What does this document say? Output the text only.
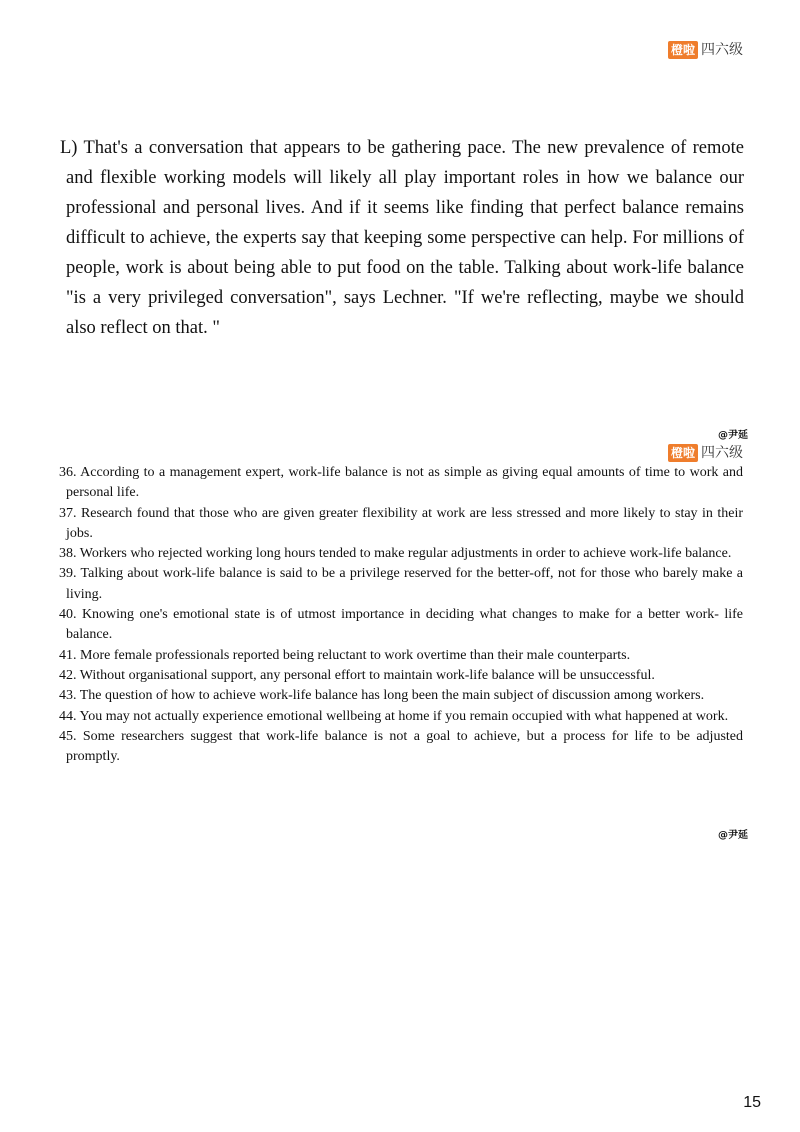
橙啦 四六级

L) That's a conversation that appears to be gathering pace. The new prevalence of remote and flexible working models will likely all play important roles in how we balance our professional and personal lives. And if it seems like finding that perfect balance remains difficult to achieve, the experts say that keeping some perspective can help. For millions of people, work is about being able to put food on the table. Talking about work-life balance "is a very privileged conversation", says Lechner. "If we're reflecting, maybe we should also reflect on that. "

@尹延
橙啦 四六级

36. According to a management expert, work-life balance is not as simple as giving equal amounts of time to work and personal life.

37. Research found that those who are given greater flexibility at work are less stressed and more likely to stay in their jobs.

38. Workers who rejected working long hours tended to make regular adjustments in order to achieve work-life balance.

39. Talking about work-life balance is said to be a privilege reserved for the better-off, not for those who barely make a living.

40. Knowing one's emotional state is of utmost importance in deciding what changes to make for a better work- life balance.

41. More female professionals reported being reluctant to work overtime than their male counterparts.

42. Without organisational support, any personal effort to maintain work-life balance will be unsuccessful.

43. The question of how to achieve work-life balance has long been the main subject of discussion among workers.

44. You may not actually experience emotional wellbeing at home if you remain occupied with what happened at work.

45. Some researchers suggest that work-life balance is not a goal to achieve, but a process for life to be adjusted promptly.

@尹延
15
